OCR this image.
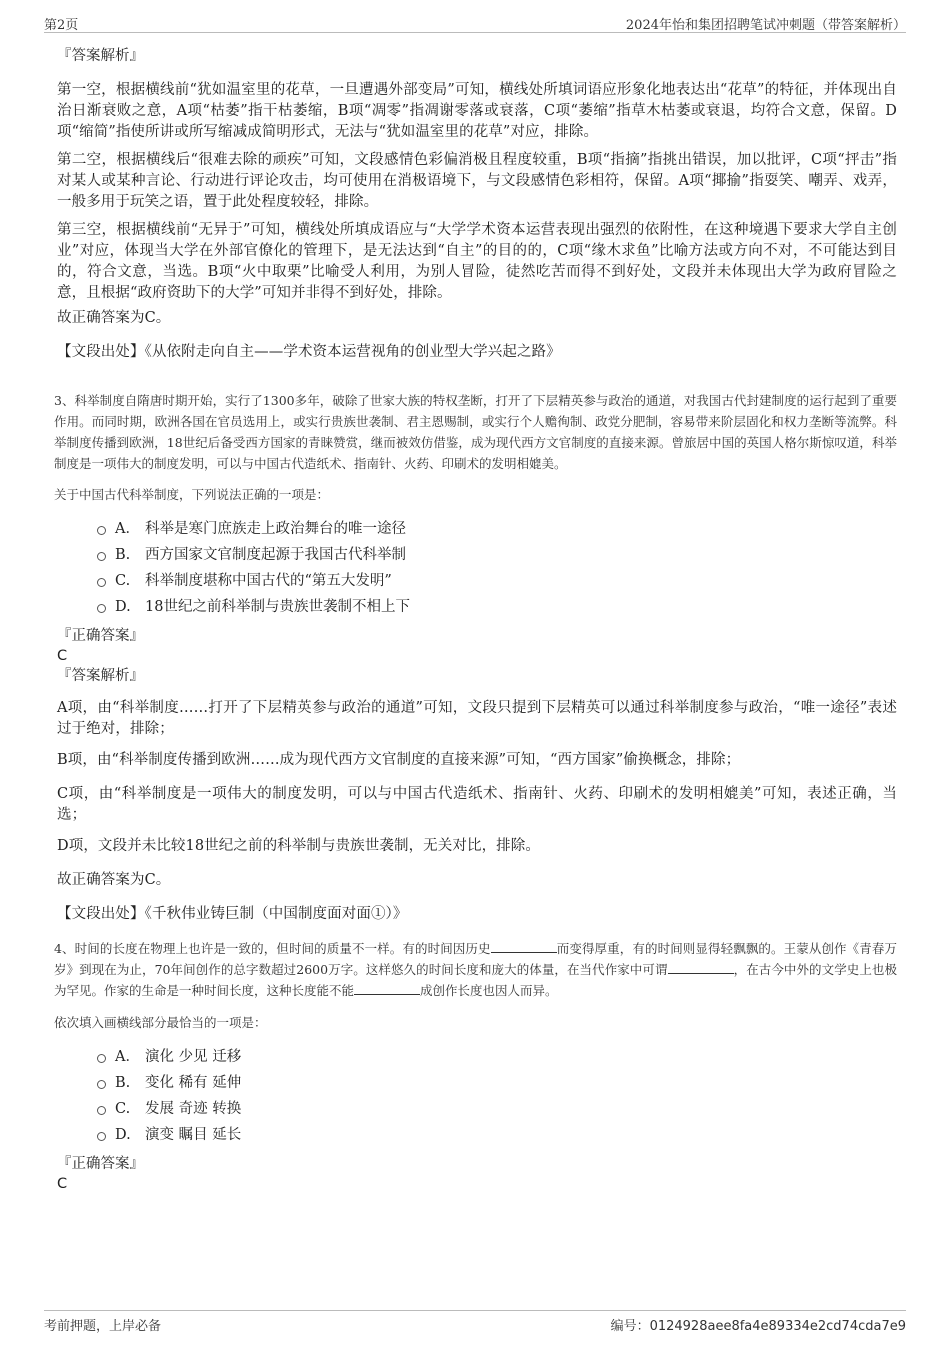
第2页	2024年怡和集团招聘笔试冲刺题（带答案解析）

『答案解析』

第一空，根据横线前“犹如温室里的花草，一旦遭遇外部变局”可知，横线处所填词语应形象化地表达出“花草”的特征，并体现出自治日渐衰败之意，A项“枯萎”指干枯萎缩，B项“凋零”指凋谢零落或衰落，C项“萎缩”指草木枯萎或衰退，均符合文意，保留。D项“缩简”指使所讲或所写缩减成简明形式，无法与“犹如温室里的花草”对应，排除。

第二空，根据横线后“很难去除的顽疾”可知，文段感情色彩偏消极且程度较重，B项“指摘”指挑出错误，加以批评，C项“抨击”指对某人或某种言论、行动进行评论攻击，均可使用在消极语境下，与文段感情色彩相符，保留。A项“揶揄”指耍笑、嘲弄、戏弄，一般多用于玩笑之语，置于此处程度较轻，排除。

第三空，根据横线前“无异于”可知，横线处所填成语应与“大学学术资本运营表现出强烈的依附性，在这种境遇下要求大学自主创业”对应，体现当大学在外部官僚化的管理下，是无法达到“自主”的目的的，C项“缘木求鱼”比喻方法或方向不对，不可能达到目的，符合文意，当选。B项“火中取栗”比喻受人利用，为别人冒险，徒然吃苦而得不到好处，文段并未体现出大学为政府冒险之意，且根据“政府资助下的大学”可知并非得不到好处，排除。

故正确答案为C。

【文段出处】《从依附走向自主——学术资本运营视角的创业型大学兴起之路》

3、科举制度自隋唐时期开始，实行了1300多年，破除了世家大族的特权垄断，打开了下层精英参与政治的通道，对我国古代封建制度的运行起到了重要作用。而同时期，欧洲各国在官员选用上，或实行贵族世袭制、君主恩赐制，或实行个人赡徇制、政党分肥制，容易带来阶层固化和权力垄断等流弊。科举制度传播到欧洲，18世纪后备受西方国家的青睐赞赏，继而被效仿借鉴，成为现代西方文官制度的直接来源。曾旅居中国的英国人格尔斯惊叹道，科举制度是一项伟大的制度发明，可以与中国古代造纸术、指南针、火药、印刷术的发明相媲美。

关于中国古代科举制度，下列说法正确的一项是：

A． 科举是寒门庶族走上政治舞台的唯一途径
B. 西方国家文官制度起源于我国古代科举制
C. 科举制度堪称中国古代的“第五大发明”
D. 18世纪之前科举制与贵族世袭制不相上下

『正确答案』

C

『答案解析』

A项，由“科举制度……打开了下层精英参与政治的通道”可知，文段只提到下层精英可以通过科举制度参与政治，“唯一途径”表述过于绝对，排除；

B项，由“科举制度传播到欧洲……成为现代西方文官制度的直接来源”可知，“西方国家”偷换概念，排除；

C项，由“科举制度是一项伟大的制度发明，可以与中国古代造纸术、指南针、火药、印刷术的发明相媲美”可知，表述正确，当选；

D项，文段并未比较18世纪之前的科举制与贵族世袭制，无关对比，排除。

故正确答案为C。

【文段出处】《千秋伟业铸巨制（中国制度面对面①）》

4、时间的长度在物理上也许是一致的，但时间的质量不一样。有的时间因历史	而变得厚重，有的时间则显得轻飘飘的。王蒙从创作《青春万岁》到现在为止，70年间创作的总字数超过2600万字。这样悠久的时间长度和庞大的体量，在当代作家中可谓	，在古今中外的文学史上也极为罕见。作家的生命是一种时间长度，这种长度能不能	成创作长度也因人而异。

依次填入画横线部分最恰当的一项是：

A． 演化 少见 迁移
B. 变化 稀有 延伸
C. 发展 奇迹 转换
D. 演变 瞩目 延长

『正确答案』

C

考前押题，上岸必备	编号：0124928aee8fa4e89334e2cd74cda7e9
